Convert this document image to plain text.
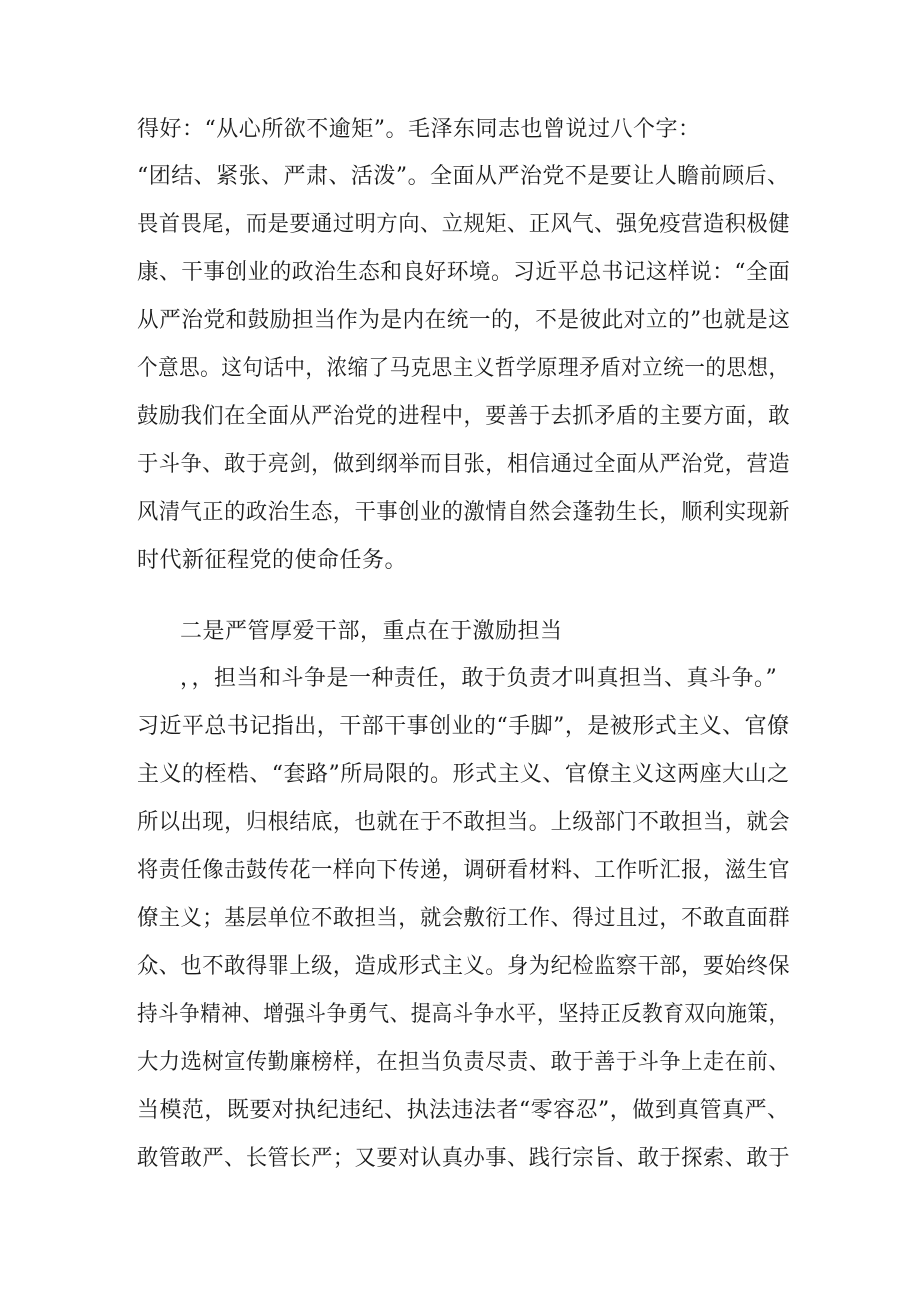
得好：“从心所欲不逾矩”。毛泽东同志也曾说过八个字：
“团结、紧张、严肃、活泼”。全面从严治党不是要让人瞻前顾后、
畏首畏尾，而是要通过明方向、立规矩、正风气、强免疫营造积极健
康、干事创业的政治生态和良好环境。习近平总书记这样说：“全面
从严治党和鼓励担当作为是内在统一的，不是彼此对立的”也就是这
个意思。这句话中，浓缩了马克思主义哲学原理矛盾对立统一的思想，
鼓励我们在全面从严治党的进程中，要善于去抓矛盾的主要方面，敢
于斗争、敢于亮剑，做到纲举而目张，相信通过全面从严治党，营造
风清气正的政治生态，干事创业的激情自然会蓬勃生长，顺利实现新
时代新征程党的使命任务。
二是严管厚爱干部，重点在于激励担当
，，担当和斗争是一种责任，敢于负责才叫真担当、真斗争。”
习近平总书记指出，干部干事创业的“手脚”，是被形式主义、官僚
主义的桎梏、“套路”所局限的。形式主义、官僚主义这两座大山之
所以出现，归根结底，也就在于不敢担当。上级部门不敢担当，就会
将责任像击鼓传花一样向下传递，调研看材料、工作听汇报，滋生官
僚主义；基层单位不敢担当，就会敷衍工作、得过且过，不敢直面群
众、也不敢得罪上级，造成形式主义。身为纪检监察干部，要始终保
持斗争精神、增强斗争勇气、提高斗争水平，坚持正反教育双向施策，
大力选树宣传勤廉榜样，在担当负责尽责、敢于善于斗争上走在前、
当模范，既要对执纪违纪、执法违法者“零容忍”，做到真管真严、
敢管敢严、长管长严；又要对认真办事、践行宗旨、敢于探索、敢于
